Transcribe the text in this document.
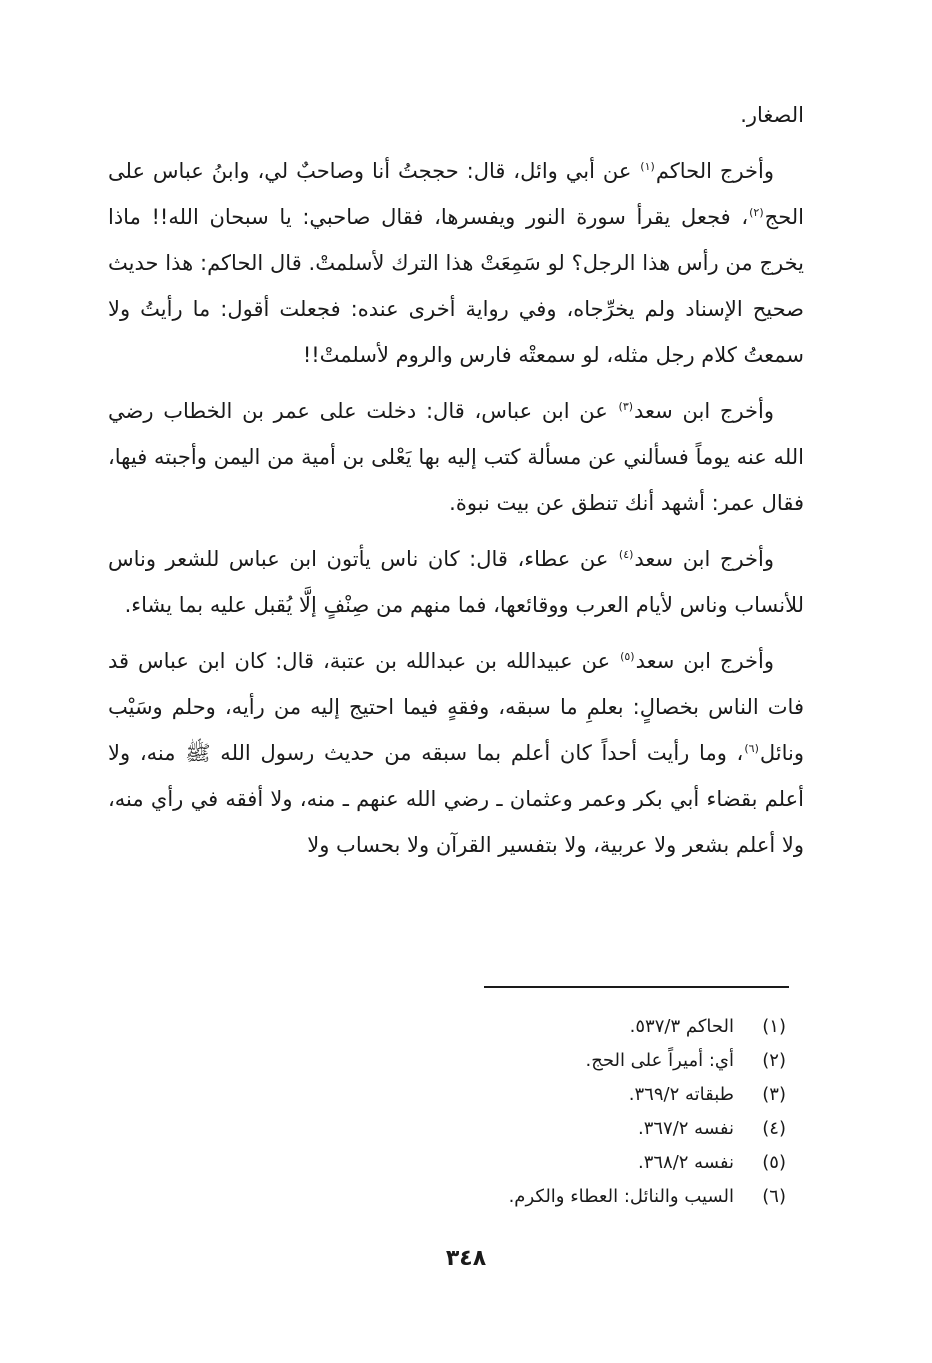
الصغار.

وأخرج الحاكم$^{(١)}$ عن أبي وائل، قال: حججتُ أنا وصاحبٌ لي، وابنُ عباس على الحج$^{(٢)}$، فجعل يقرأ سورة النور ويفسرها، فقال صاحبي: يا سبحان الله!! ماذا يخرج من رأس هذا الرجل؟ لو سَمِعَتْ هذا الترك لأسلمتْ. قال الحاكم: هذا حديث صحيح الإسناد ولم يخرِّجاه، وفي رواية أخرى عنده: فجعلت أقول: ما رأيتُ ولا سمعتُ كلام رجل مثله، لو سمعتْه فارس والروم لأسلمتْ!!

وأخرج ابن سعد$^{(٣)}$ عن ابن عباس، قال: دخلت على عمر بن الخطاب رضي الله عنه يوماً فسألني عن مسألة كتب إليه بها يَعْلى بن أمية من اليمن وأجبته فيها، فقال عمر: أشهد أنك تنطق عن بيت نبوة.

وأخرج ابن سعد$^{(٤)}$ عن عطاء، قال: كان ناس يأتون ابن عباس للشعر وناس للأنساب وناس لأيام العرب ووقائعها، فما منهم من صِنْفٍ إلَّا يُقبل عليه بما يشاء.

وأخرج ابن سعد$^{(٥)}$ عن عبيدالله بن عبدالله بن عتبة، قال: كان ابن عباس قد فات الناس بخصالٍ: بعلمِ ما سبقه، وفقهٍ فيما احتيج إليه من رأيه، وحلم وسَيْب ونائل$^{(٦)}$، وما رأيت أحداً كان أعلم بما سبقه من حديث رسول الله ﷺ منه، ولا أعلم بقضاء أبي بكر وعمر وعثمان ـ رضي الله عنهم ـ منه، ولا أفقه في رأي منه، ولا أعلم بشعر ولا عربية، ولا بتفسير القرآن ولا بحساب ولا

(١)
الحاكم ٥٣٧/٣.
(٢)
أي: أميراً على الحج.
(٣)
طبقاته ٣٦٩/٢.
(٤)
نفسه ٣٦٧/٢.
(٥)
نفسه ٣٦٨/٢.
(٦)
السيب والنائل: العطاء والكرم.
٣٤٨
